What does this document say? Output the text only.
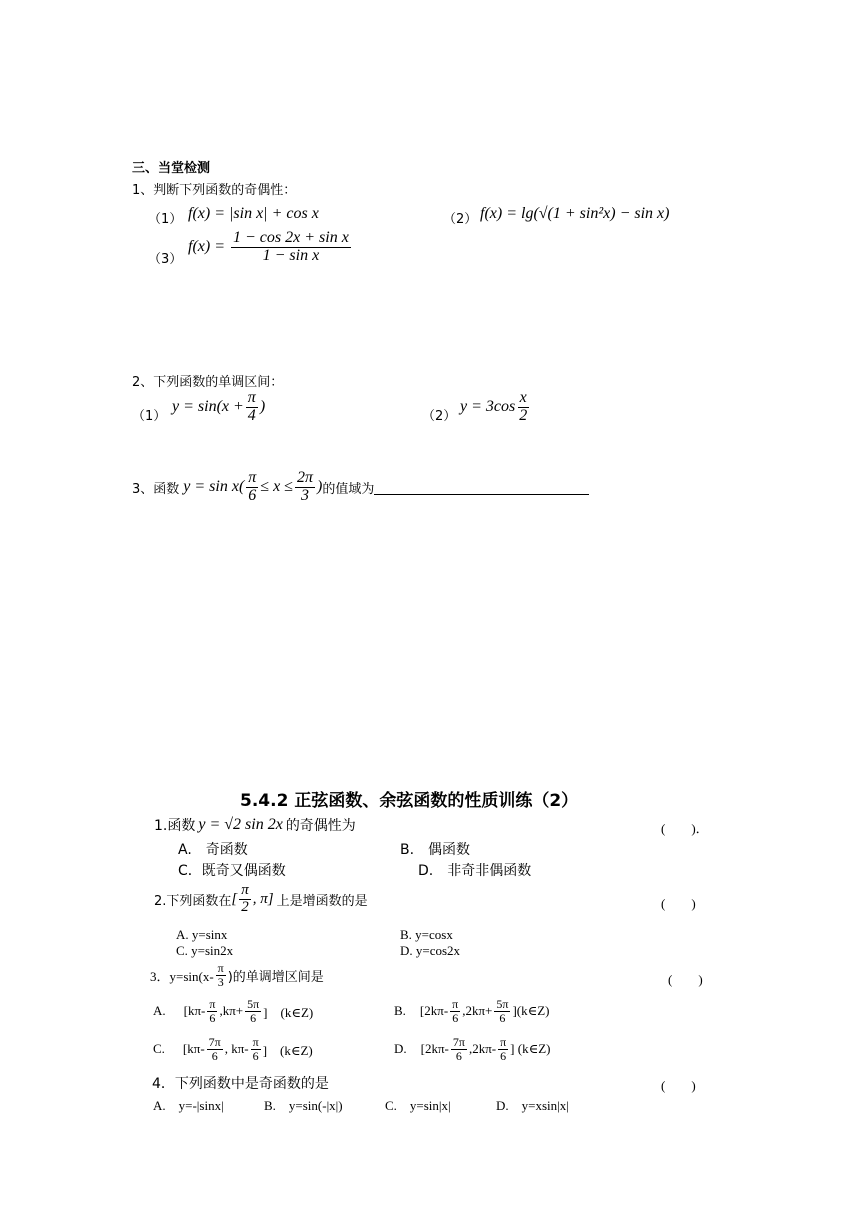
三、当堂检测
1、判断下列函数的奇偶性：
（1） f(x) = |sin x| + cos x	（2） f(x) = lg(√(1 + sin²x) − sin x)
（3）
$f(x) = \frac{\text{1 − cos 2x + sin x}}{\text{1 − sin x}}$
2、下列函数的单调区间：
（1）
$y = \sin(x + \frac{\pi}{4}$ )
（2）
$y = 3\cos \frac{x}{2}$
3、函数 $y = \sin x( \frac{\pi}{6} \le x \le \frac{2\pi}{3}$ ) 的值域为
5.4.2 正弦函数、余弦函数的性质训练（2）
1.函数 y = √2 sin 2x 的奇偶性为	(　　)．
A.　奇函数	B.　偶函数
C．既奇又偶函数	D.　非奇非偶函数
2.下列函数在 [ $\frac{\pi}{2}$ , π] 上是增函数的是	(　　)
A. y=sinx	B. y=cosx
C. y=sin2x	D. y=cos2x
3．$y=\sin(x- \frac{\pi}{3}$ )的单调增区间是	(　　)
A. [$k\pi- \frac{\pi}{6} ,k\pi+ \frac{5\pi}{6}$ ]　(k∈Z)	B. [$2k\pi- \frac{\pi}{6} ,2k\pi+ \frac{5\pi}{6}$ ](k∈Z)
C. [$k\pi- \frac{7\pi}{6}$ , $k\pi- \frac{\pi}{6}$ ]　(k∈Z)	D. [$2k\pi- \frac{7\pi}{6} ,2k\pi- \frac{\pi}{6}$ ] (k∈Z)
4．下列函数中是奇函数的是	(　　)
A.　y=-|sinx|	B.　y=sin(-|x|)	C.　y=sin|x|	D.　y=xsin|x|
